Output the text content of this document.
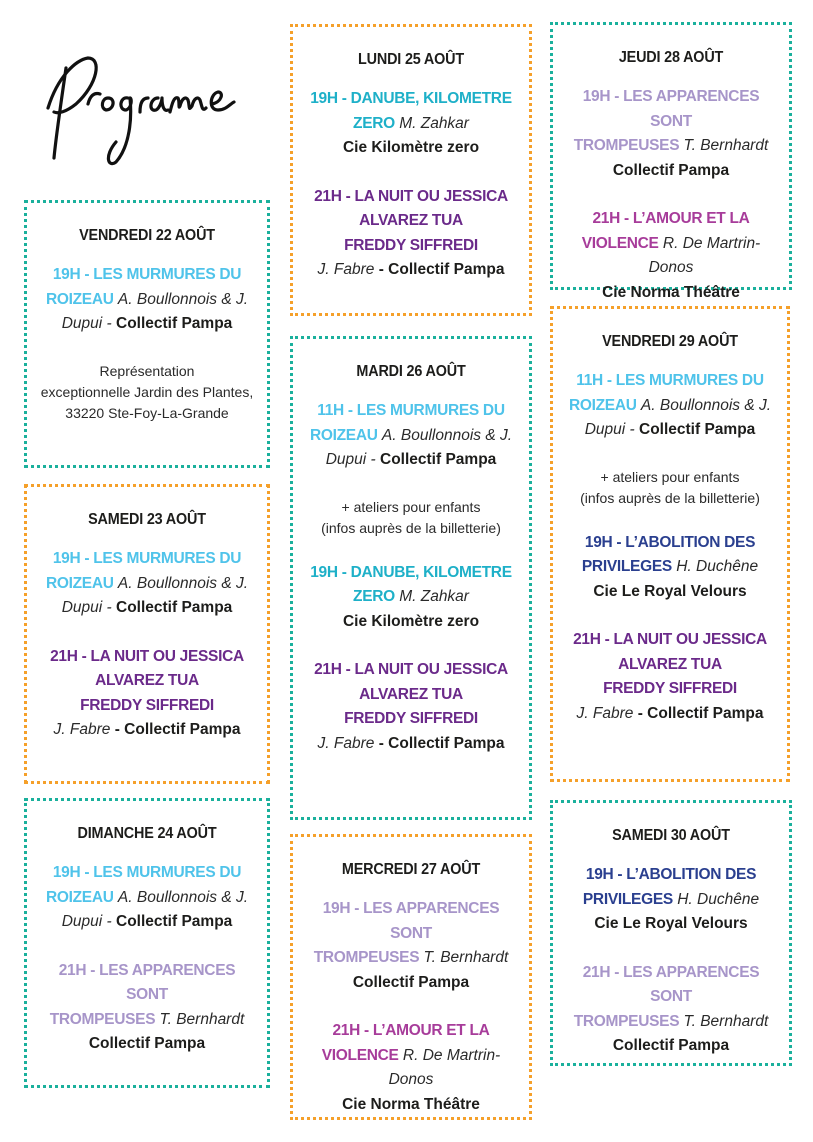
VENDREDI 22 AOÛT
19H - LES MURMURES DU
ROIZEAU A. Boullonnois & J.
Dupui - Collectif Pampa
Représentation
exceptionnelle Jardin des Plantes,
33220 Ste-Foy-La-Grande
SAMEDI 23 AOÛT
19H - LES MURMURES DU
ROIZEAU A. Boullonnois & J.
Dupui - Collectif Pampa
21H - LA NUIT OU JESSICA
ALVAREZ TUA
FREDDY SIFFREDI
J. Fabre - Collectif Pampa
DIMANCHE 24 AOÛT
19H - LES MURMURES DU
ROIZEAU A. Boullonnois & J.
Dupui - Collectif Pampa
21H - LES APPARENCES SONT
TROMPEUSES T. Bernhardt
Collectif Pampa
LUNDI 25 AOÛT
19H - DANUBE, KILOMETRE
ZERO M. Zahkar
Cie Kilomètre zero
21H - LA NUIT OU JESSICA
ALVAREZ TUA
FREDDY SIFFREDI
J. Fabre - Collectif Pampa
MARDI 26 AOÛT
11H - LES MURMURES DU
ROIZEAU A. Boullonnois & J.
Dupui - Collectif Pampa
+ ateliers pour enfants
(infos auprès de la billetterie)
19H - DANUBE, KILOMETRE
ZERO M. Zahkar
Cie Kilomètre zero
21H - LA NUIT OU JESSICA
ALVAREZ TUA
FREDDY SIFFREDI
J. Fabre - Collectif Pampa
MERCREDI 27 AOÛT
19H - LES APPARENCES SONT
TROMPEUSES T. Bernhardt
Collectif Pampa
21H - L’AMOUR ET LA
VIOLENCE R. De Martrin-Donos
Cie Norma Théâtre
JEUDI 28 AOÛT
19H - LES APPARENCES SONT
TROMPEUSES T. Bernhardt
Collectif Pampa
21H - L’AMOUR ET LA
VIOLENCE R. De Martrin-Donos
Cie Norma Théâtre
VENDREDI 29 AOÛT
11H - LES MURMURES DU
ROIZEAU A. Boullonnois & J.
Dupui - Collectif Pampa
+ ateliers pour enfants
(infos auprès de la billetterie)
19H - L’ABOLITION DES
PRIVILEGES H. Duchêne
Cie Le Royal Velours
21H - LA NUIT OU JESSICA
ALVAREZ TUA
FREDDY SIFFREDI
J. Fabre - Collectif Pampa
SAMEDI 30 AOÛT
19H - L’ABOLITION DES
PRIVILEGES H. Duchêne
Cie Le Royal Velours
21H - LES APPARENCES SONT
TROMPEUSES T. Bernhardt
Collectif Pampa
